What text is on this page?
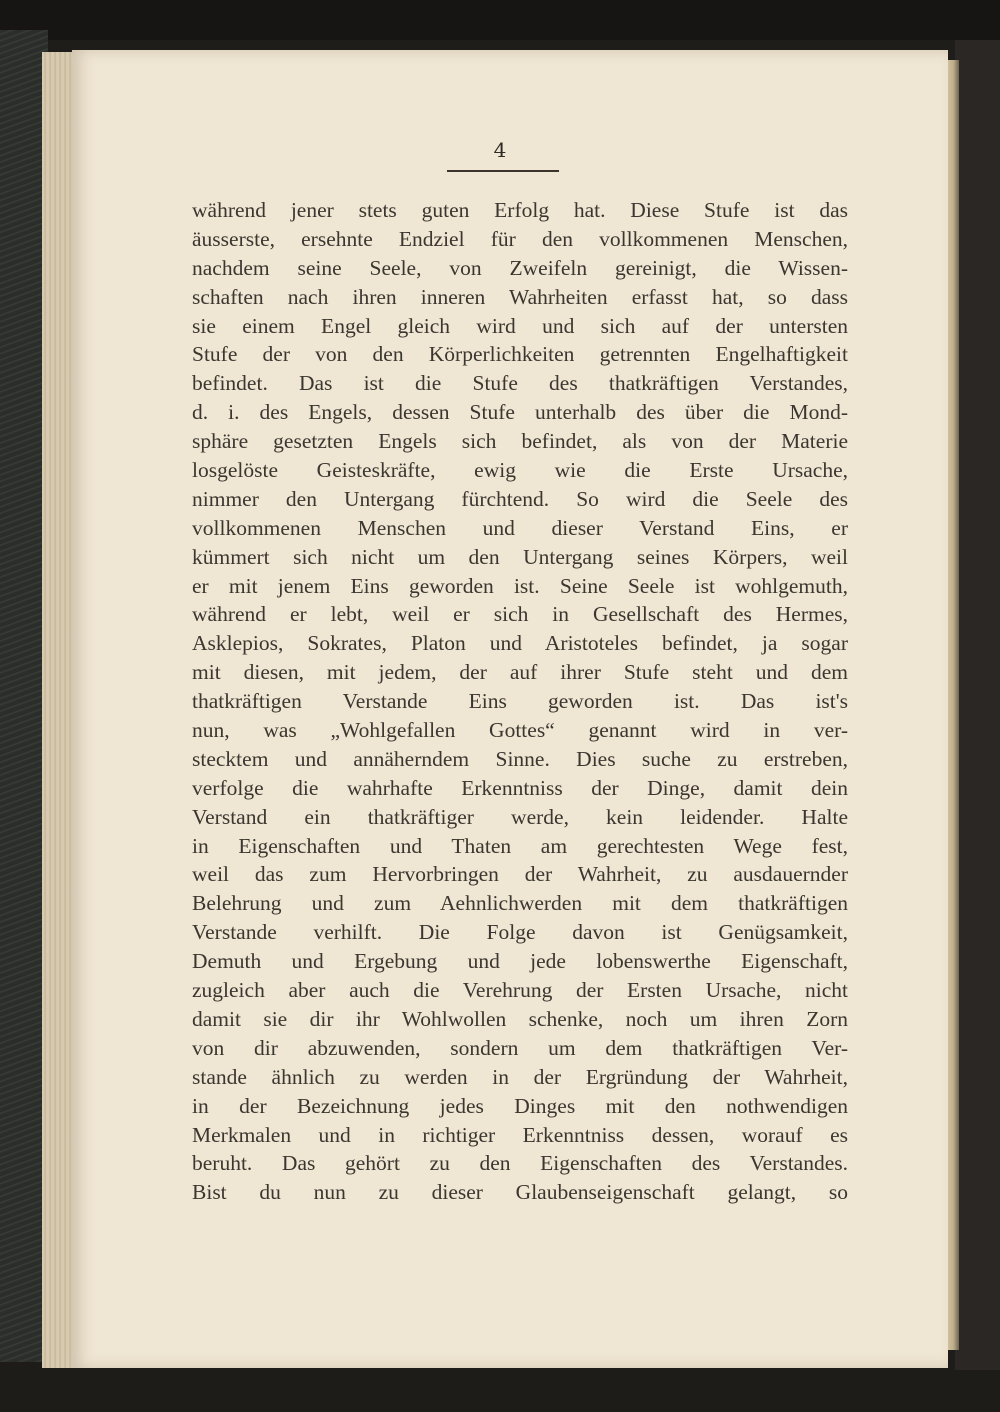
4
während jener stets guten Erfolg hat. Diese Stufe ist das
äusserste, ersehnte Endziel für den vollkommenen Menschen,
nachdem seine Seele, von Zweifeln gereinigt, die Wissen-
schaften nach ihren inneren Wahrheiten erfasst hat, so dass
sie einem Engel gleich wird und sich auf der untersten
Stufe der von den Körperlichkeiten getrennten Engelhaftigkeit
befindet. Das ist die Stufe des thatkräftigen Verstandes,
d. i. des Engels, dessen Stufe unterhalb des über die Mond-
sphäre gesetzten Engels sich befindet, als von der Materie
losgelöste Geisteskräfte, ewig wie die Erste Ursache,
nimmer den Untergang fürchtend. So wird die Seele des
vollkommenen Menschen und dieser Verstand Eins, er
kümmert sich nicht um den Untergang seines Körpers, weil
er mit jenem Eins geworden ist. Seine Seele ist wohlgemuth,
während er lebt, weil er sich in Gesellschaft des Hermes,
Asklepios, Sokrates, Platon und Aristoteles befindet, ja sogar
mit diesen, mit jedem, der auf ihrer Stufe steht und dem
thatkräftigen Verstande Eins geworden ist. Das ist's
nun, was „Wohlgefallen Gottes“ genannt wird in ver-
stecktem und annäherndem Sinne. Dies suche zu erstreben,
verfolge die wahrhafte Erkenntniss der Dinge, damit dein
Verstand ein thatkräftiger werde, kein leidender. Halte
in Eigenschaften und Thaten am gerechtesten Wege fest,
weil das zum Hervorbringen der Wahrheit, zu ausdauernder
Belehrung und zum Aehnlichwerden mit dem thatkräftigen
Verstande verhilft. Die Folge davon ist Genügsamkeit,
Demuth und Ergebung und jede lobenswerthe Eigenschaft,
zugleich aber auch die Verehrung der Ersten Ursache, nicht
damit sie dir ihr Wohlwollen schenke, noch um ihren Zorn
von dir abzuwenden, sondern um dem thatkräftigen Ver-
stande ähnlich zu werden in der Ergründung der Wahrheit,
in der Bezeichnung jedes Dinges mit den nothwendigen
Merkmalen und in richtiger Erkenntniss dessen, worauf es
beruht. Das gehört zu den Eigenschaften des Verstandes.
Bist du nun zu dieser Glaubenseigenschaft gelangt, so
